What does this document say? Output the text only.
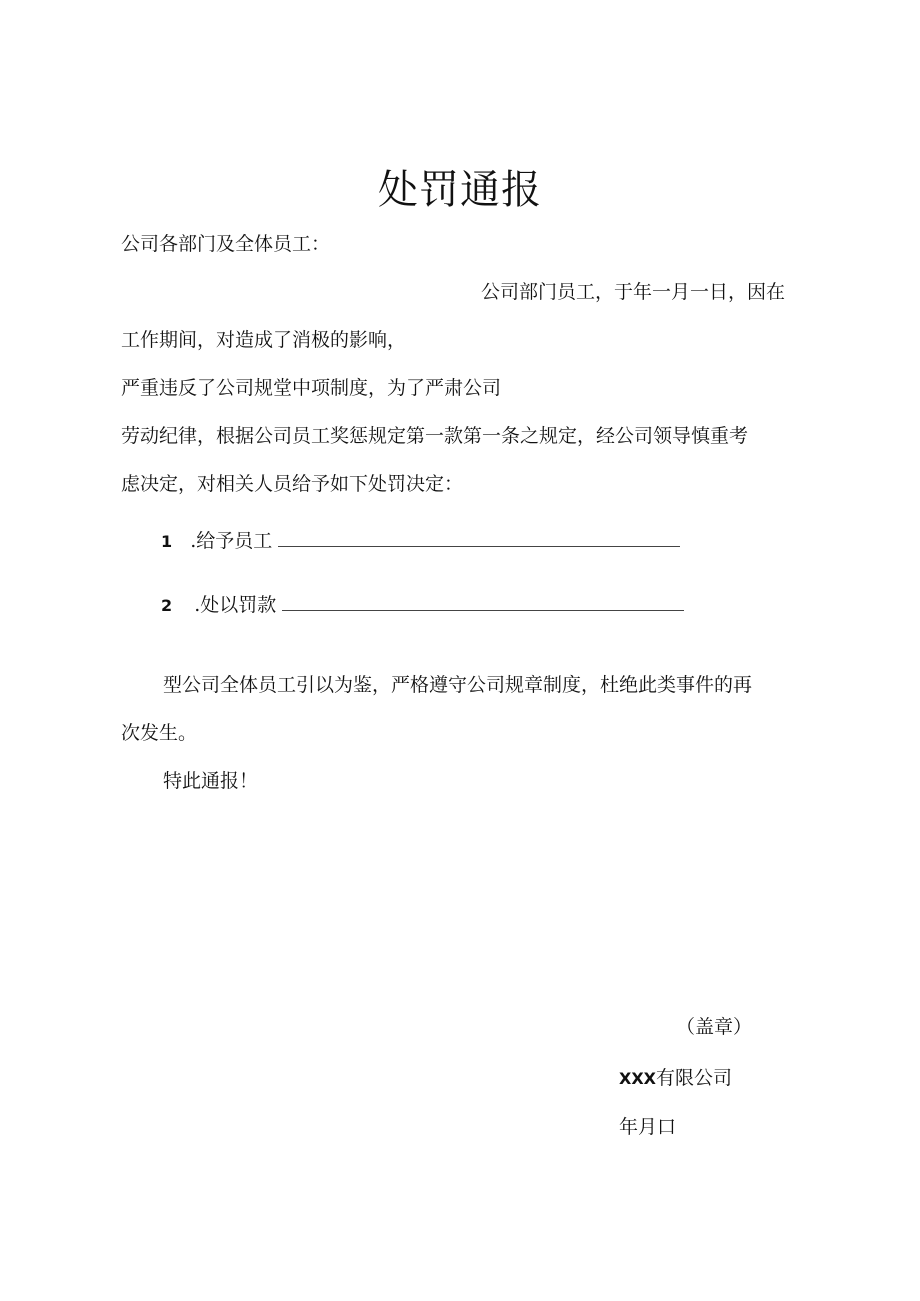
处罚通报
公司各部门及全体员工：
公司部门员工，于年一月一日，因在
工作期间，对造成了消极的影响，
严重违反了公司规堂中项制度，为了严肃公司
劳动纪律，根据公司员工奖惩规定第一款第一条之规定，经公司领导慎重考
虑决定，对相关人员给予如下处罚决定：
1 .给予员工
2 .处以罚款
型公司全体员工引以为鉴，严格遵守公司规章制度，杜绝此类事件的再
次发生。
特此通报！
（盖章）
XXX有限公司
年月口
